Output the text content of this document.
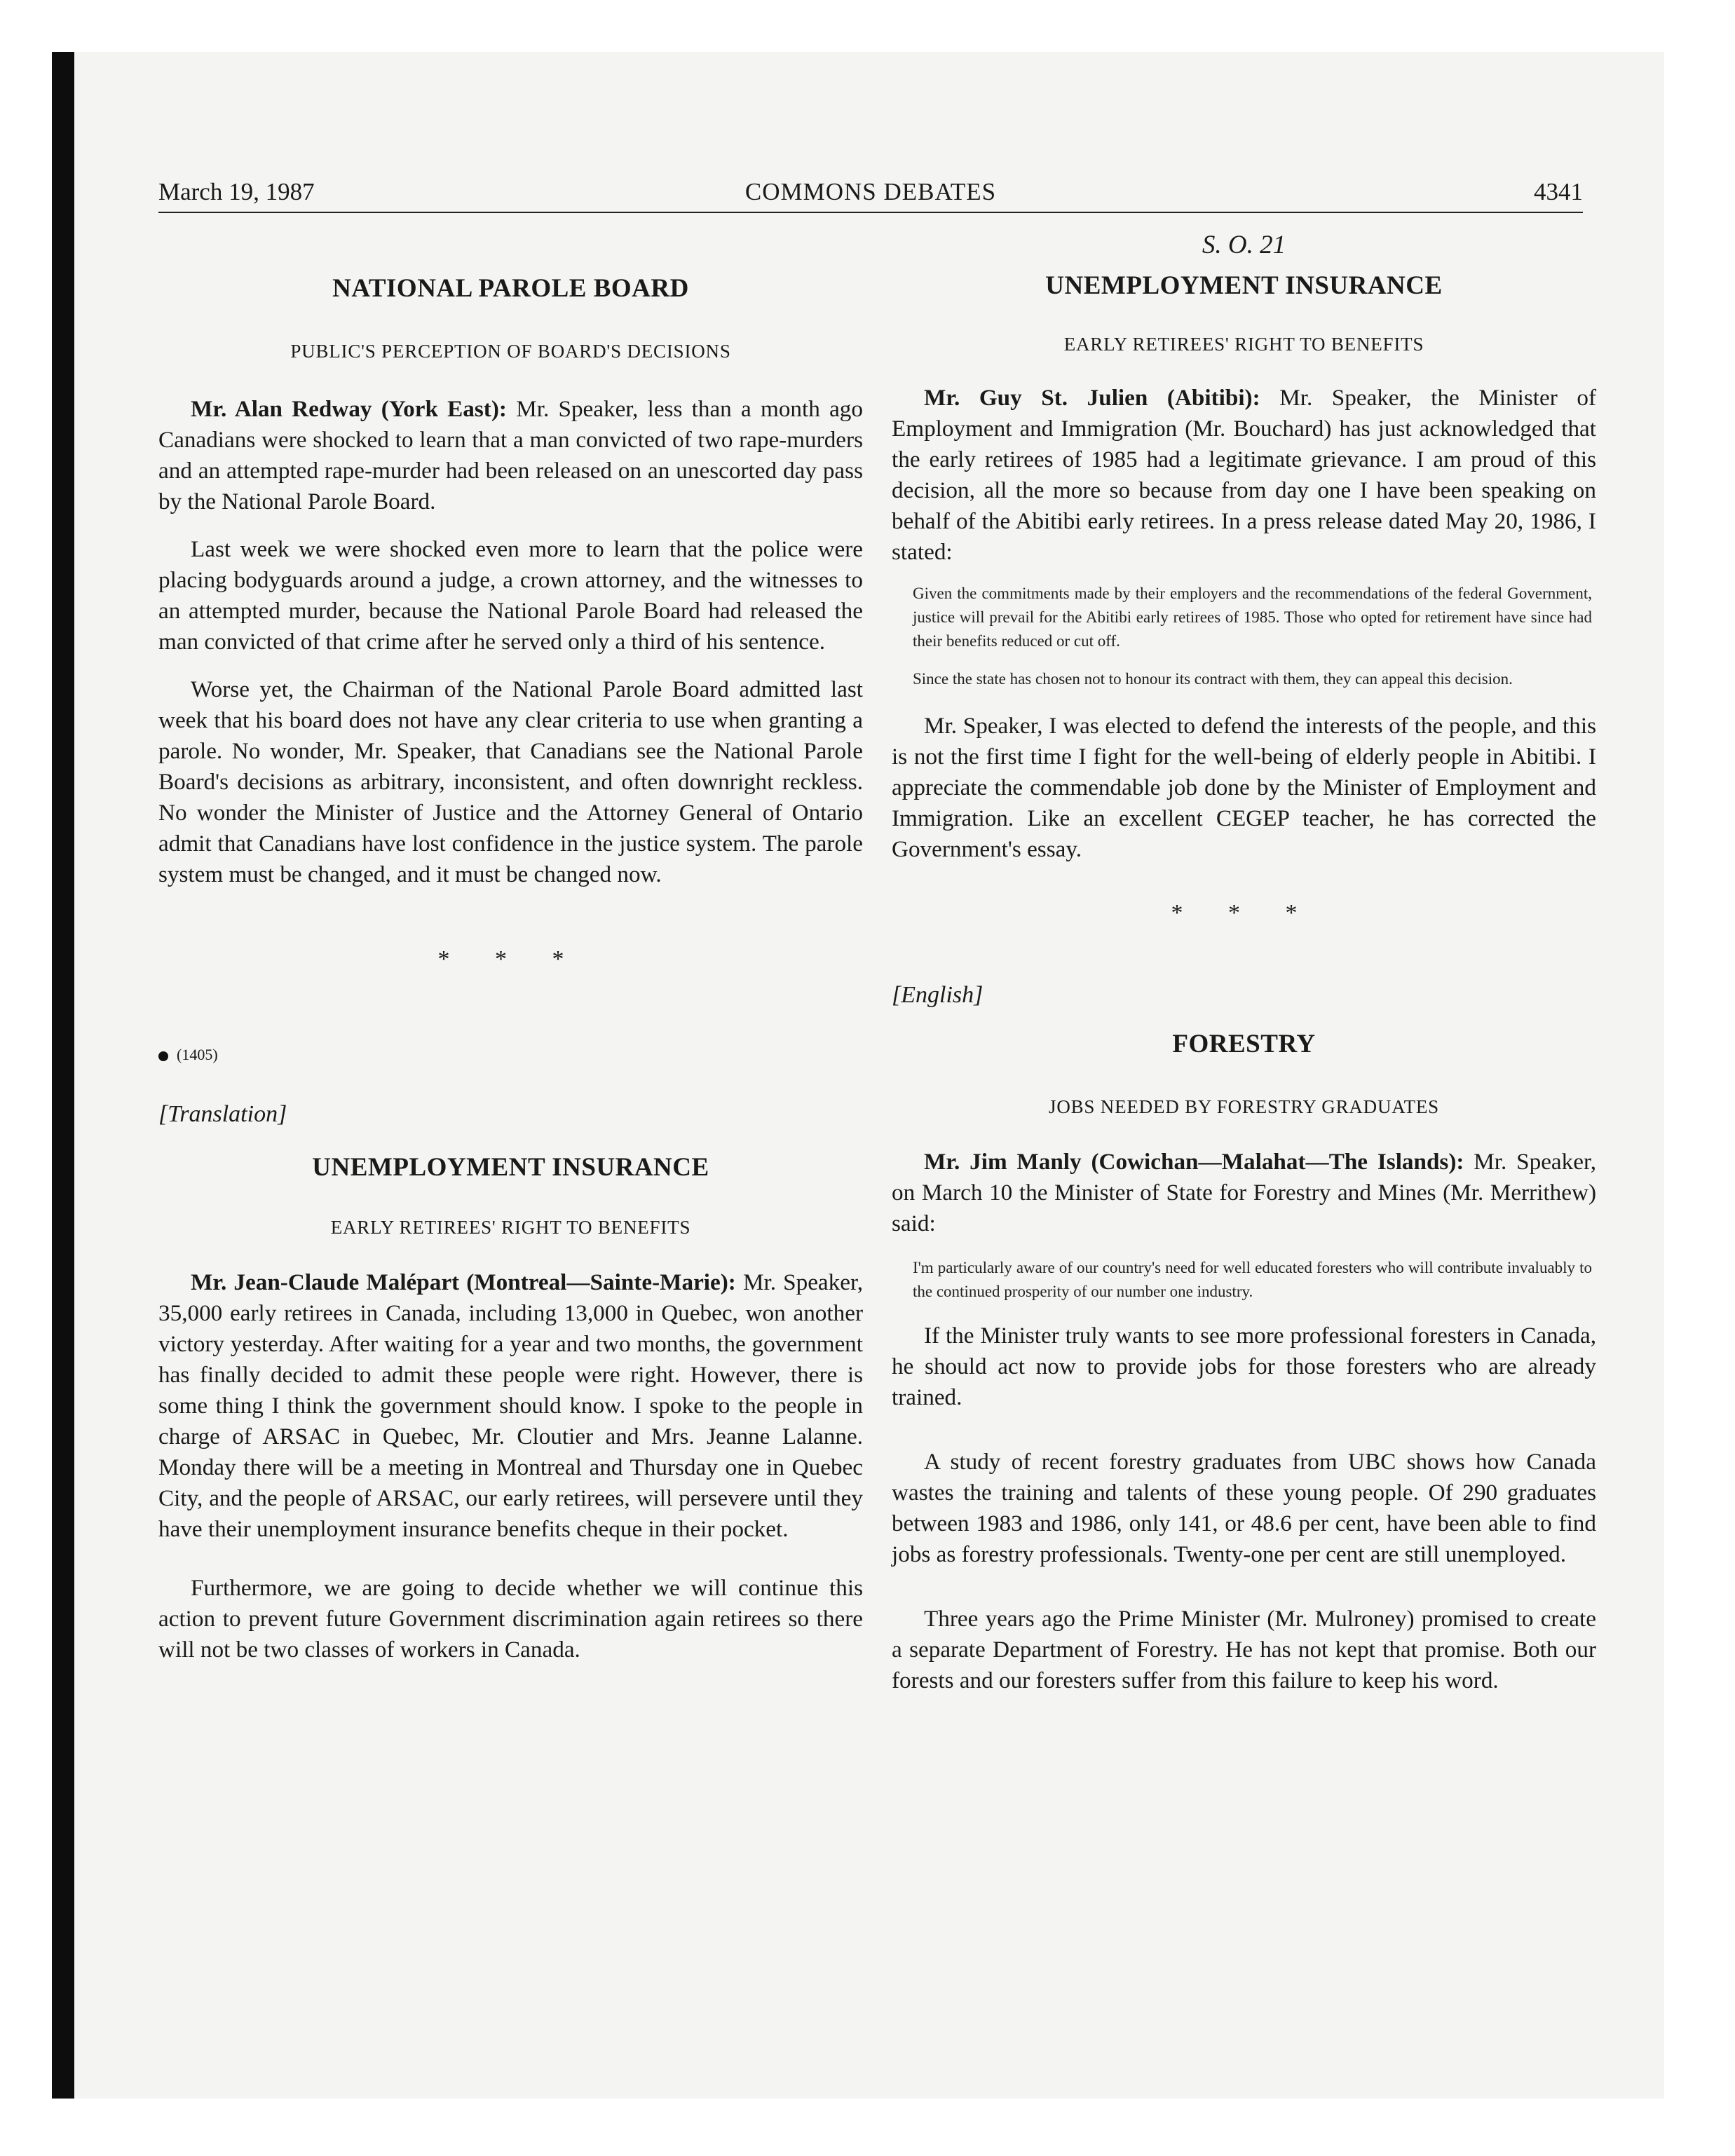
March 19, 1987	COMMONS DEBATES	4341
NATIONAL PAROLE BOARD

PUBLIC'S PERCEPTION OF BOARD'S DECISIONS

Mr. Alan Redway (York East): Mr. Speaker, less than a month ago Canadians were shocked to learn that a man convicted of two rape-murders and an attempted rape-murder had been released on an unescorted day pass by the National Parole Board.

Last week we were shocked even more to learn that the police were placing bodyguards around a judge, a crown attorney, and the witnesses to an attempted murder, because the National Parole Board had released the man convicted of that crime after he served only a third of his sentence.

Worse yet, the Chairman of the National Parole Board admitted last week that his board does not have any clear criteria to use when granting a parole. No wonder, Mr. Speaker, that Canadians see the National Parole Board's decisions as arbitrary, inconsistent, and often downright reckless. No wonder the Minister of Justice and the Attorney General of Ontario admit that Canadians have lost confidence in the justice system. The parole system must be changed, and it must be changed now.

* * *

(1405)

[Translation]

UNEMPLOYMENT INSURANCE

EARLY RETIREES' RIGHT TO BENEFITS

Mr. Jean-Claude Malépart (Montreal—Sainte-Marie): Mr. Speaker, 35,000 early retirees in Canada, including 13,000 in Quebec, won another victory yesterday. After waiting for a year and two months, the government has finally decided to admit these people were right. However, there is some thing I think the government should know. I spoke to the people in charge of ARSAC in Quebec, Mr. Cloutier and Mrs. Jeanne Lalanne. Monday there will be a meeting in Montreal and Thursday one in Quebec City, and the people of ARSAC, our early retirees, will persevere until they have their unemployment insurance benefits cheque in their pocket.

Furthermore, we are going to decide whether we will continue this action to prevent future Government discrimination again retirees so there will not be two classes of workers in Canada.

S. O. 21

UNEMPLOYMENT INSURANCE

EARLY RETIREES' RIGHT TO BENEFITS

Mr. Guy St. Julien (Abitibi): Mr. Speaker, the Minister of Employment and Immigration (Mr. Bouchard) has just acknowledged that the early retirees of 1985 had a legitimate grievance. I am proud of this decision, all the more so because from day one I have been speaking on behalf of the Abitibi early retirees. In a press release dated May 20, 1986, I stated:

Given the commitments made by their employers and the recommendations of the federal Government, justice will prevail for the Abitibi early retirees of 1985. Those who opted for retirement have since had their benefits reduced or cut off.

Since the state has chosen not to honour its contract with them, they can appeal this decision.

Mr. Speaker, I was elected to defend the interests of the people, and this is not the first time I fight for the well-being of elderly people in Abitibi. I appreciate the commendable job done by the Minister of Employment and Immigration. Like an excellent CEGEP teacher, he has corrected the Government's essay.

* * *

[English]

FORESTRY

JOBS NEEDED BY FORESTRY GRADUATES

Mr. Jim Manly (Cowichan—Malahat—The Islands): Mr. Speaker, on March 10 the Minister of State for Forestry and Mines (Mr. Merrithew) said:

I'm particularly aware of our country's need for well educated foresters who will contribute invaluably to the continued prosperity of our number one industry.

If the Minister truly wants to see more professional foresters in Canada, he should act now to provide jobs for those foresters who are already trained.

A study of recent forestry graduates from UBC shows how Canada wastes the training and talents of these young people. Of 290 graduates between 1983 and 1986, only 141, or 48.6 per cent, have been able to find jobs as forestry professionals. Twenty-one per cent are still unemployed.

Three years ago the Prime Minister (Mr. Mulroney) promised to create a separate Department of Forestry. He has not kept that promise. Both our forests and our foresters suffer from this failure to keep his word.
